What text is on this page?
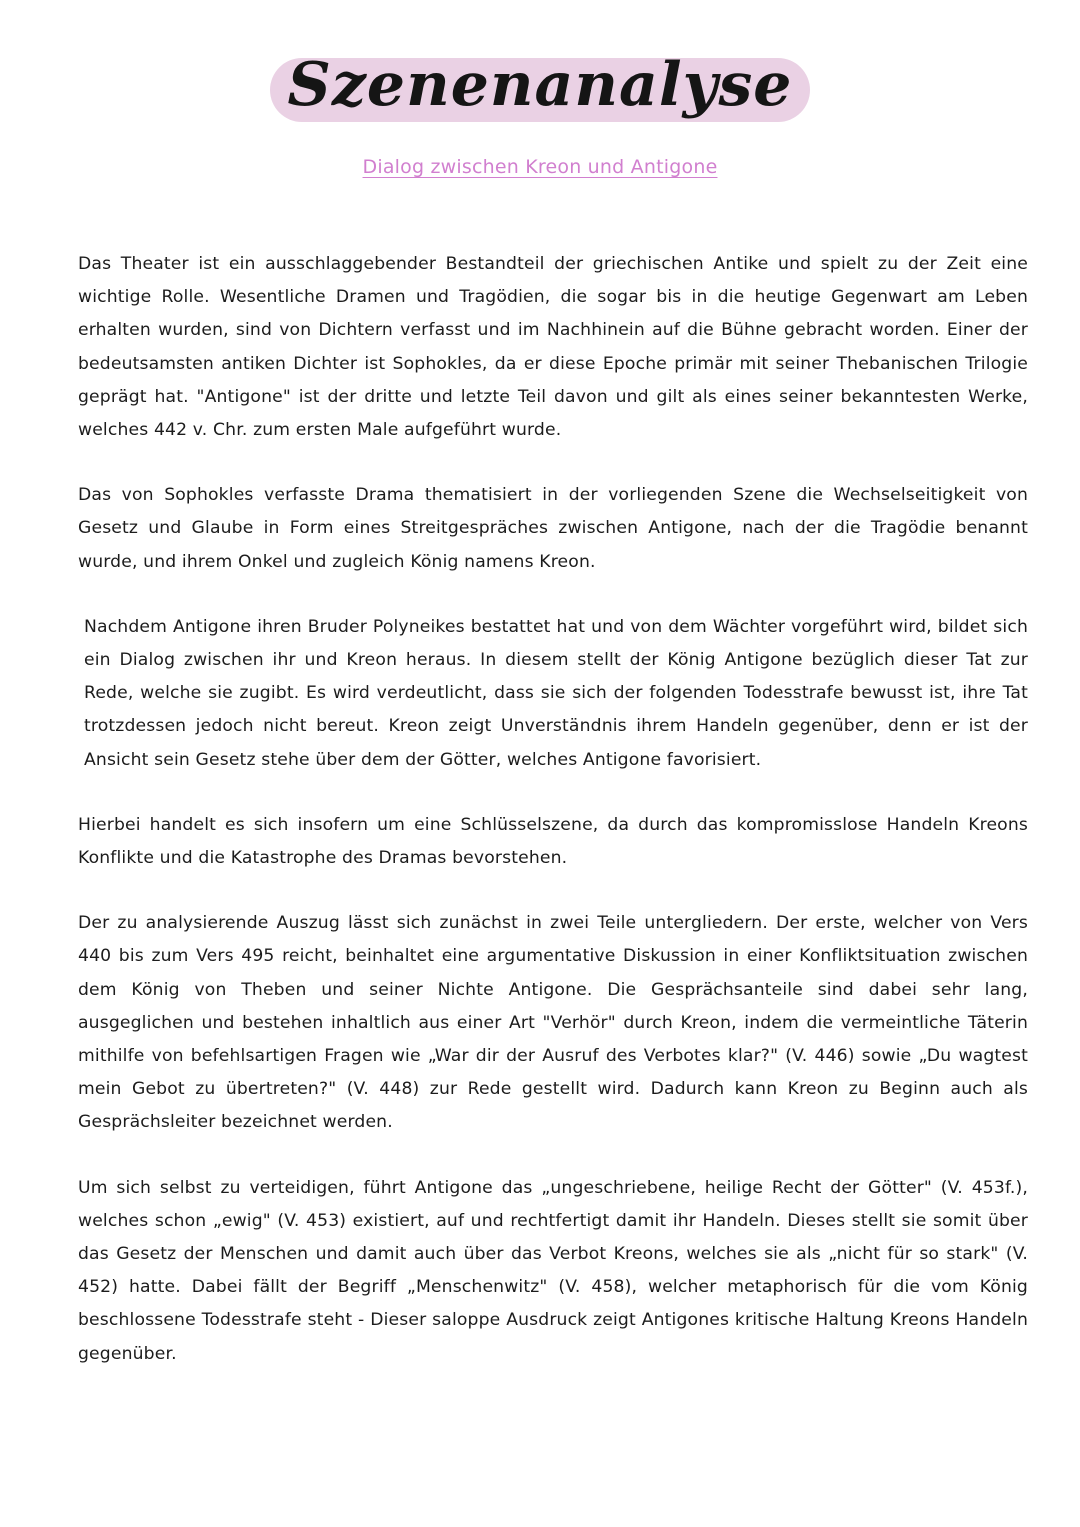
Szenenanalyse
Dialog zwischen Kreon und Antigone

Das Theater ist ein ausschlaggebender Bestandteil der griechischen Antike und spielt zu der Zeit eine wichtige Rolle. Wesentliche Dramen und Tragödien, die sogar bis in die heutige Gegenwart am Leben erhalten wurden, sind von Dichtern verfasst und im Nachhinein auf die Bühne gebracht worden. Einer der bedeutsamsten antiken Dichter ist Sophokles, da er diese Epoche primär mit seiner Thebanischen Trilogie geprägt hat. "Antigone" ist der dritte und letzte Teil davon und gilt als eines seiner bekanntesten Werke, welches 442 v. Chr. zum ersten Male aufgeführt wurde.

Das von Sophokles verfasste Drama thematisiert in der vorliegenden Szene die Wechselseitigkeit von Gesetz und Glaube in Form eines Streitgespräches zwischen Antigone, nach der die Tragödie benannt wurde, und ihrem Onkel und zugleich König namens Kreon.

Nachdem Antigone ihren Bruder Polyneikes bestattet hat und von dem Wächter vorgeführt wird, bildet sich ein Dialog zwischen ihr und Kreon heraus. In diesem stellt der König Antigone bezüglich dieser Tat zur Rede, welche sie zugibt. Es wird verdeutlicht, dass sie sich der folgenden Todesstrafe bewusst ist, ihre Tat trotzdessen jedoch nicht bereut. Kreon zeigt Unverständnis ihrem Handeln gegenüber, denn er ist der Ansicht sein Gesetz stehe über dem der Götter, welches Antigone favorisiert.

Hierbei handelt es sich insofern um eine Schlüsselszene, da durch das kompromisslose Handeln Kreons Konflikte und die Katastrophe des Dramas bevorstehen.

Der zu analysierende Auszug lässt sich zunächst in zwei Teile untergliedern. Der erste, welcher von Vers 440 bis zum Vers 495 reicht, beinhaltet eine argumentative Diskussion in einer Konfliktsituation zwischen dem König von Theben und seiner Nichte Antigone. Die Gesprächsanteile sind dabei sehr lang, ausgeglichen und bestehen inhaltlich aus einer Art "Verhör" durch Kreon, indem die vermeintliche Täterin mithilfe von befehlsartigen Fragen wie „War dir der Ausruf des Verbotes klar?" (V. 446) sowie „Du wagtest mein Gebot zu übertreten?" (V. 448) zur Rede gestellt wird. Dadurch kann Kreon zu Beginn auch als Gesprächsleiter bezeichnet werden.

Um sich selbst zu verteidigen, führt Antigone das „ungeschriebene, heilige Recht der Götter" (V. 453f.), welches schon „ewig" (V. 453) existiert, auf und rechtfertigt damit ihr Handeln. Dieses stellt sie somit über das Gesetz der Menschen und damit auch über das Verbot Kreons, welches sie als „nicht für so stark" (V. 452) hatte. Dabei fällt der Begriff „Menschenwitz" (V. 458), welcher metaphorisch für die vom König beschlossene Todesstrafe steht - Dieser saloppe Ausdruck zeigt Antigones kritische Haltung Kreons Handeln gegenüber.
